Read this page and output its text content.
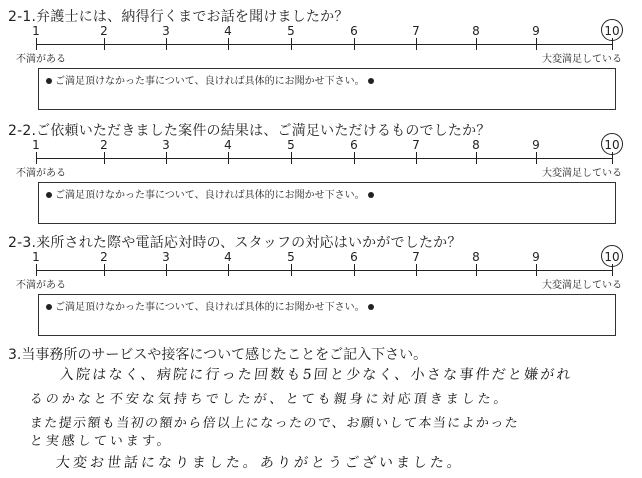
2-1.弁護士には、納得行くまでお話を聞けましたか？
1	2	3	4	5	6	7	8	9	10
不満がある	大変満足している
ご満足頂けなかった事について、良ければ具体的にお聞かせ下さい。
2-2.ご依頼いただきました案件の結果は、ご満足いただけるものでしたか？
1	2	3	4	5	6	7	8	9	10
不満がある	大変満足している
ご満足頂けなかった事について、良ければ具体的にお聞かせ下さい。
2-3.来所された際や電話応対時の、スタッフの対応はいかがでしたか？
1	2	3	4	5	6	7	8	9	10
不満がある	大変満足している
ご満足頂けなかった事について、良ければ具体的にお聞かせ下さい。
3.当事務所のサービスや接客について感じたことをご記入下さい。
入院はなく、病院に行った回数も5回と少なく、小さな事件だと嫌がれ
るのかなと不安な気持ちでしたが、とても親身に対応頂きました。
また提示額も当初の額から倍以上になったので、お願いして本当によかった
と実感しています。
大変お世話になりました。ありがとうございました。
